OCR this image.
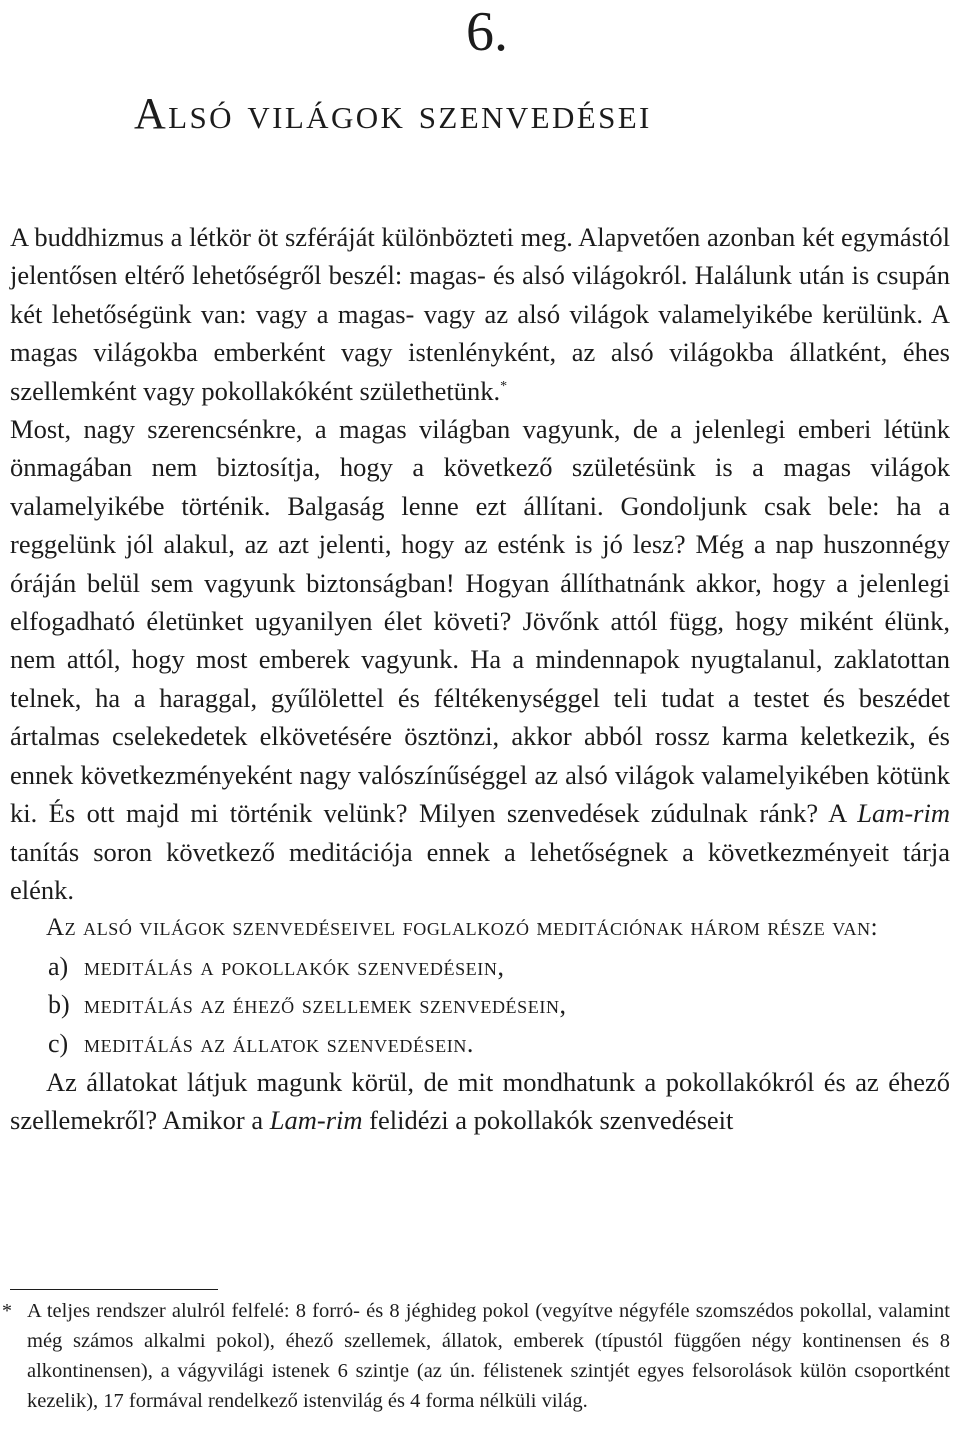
6.
Alsó világok szenvedései

A buddhizmus a létkör öt szféráját különbözteti meg. Alapvetően azonban két egymástól jelentősen eltérő lehetőségről beszél: magas- és alsó világokról. Halálunk után is csupán két lehetőségünk van: vagy a magas- vagy az alsó világok valamelyikébe kerülünk. A magas világokba emberként vagy istenlényként, az alsó világokba állatként, éhes szellemként vagy pokollakóként születhetünk.*

Most, nagy szerencsénkre, a magas világban vagyunk, de a jelenlegi emberi létünk önmagában nem biztosítja, hogy a következő születésünk is a magas világok valamelyikébe történik. Balgaság lenne ezt állítani. Gondoljunk csak bele: ha a reggelünk jól alakul, az azt jelenti, hogy az esténk is jó lesz? Még a nap huszonnégy óráján belül sem vagyunk biztonságban! Hogyan állíthatnánk akkor, hogy a jelenlegi elfogadható életünket ugyanilyen élet követi? Jövőnk attól függ, hogy miként élünk, nem attól, hogy most emberek vagyunk. Ha a mindennapok nyugtalanul, zaklatottan telnek, ha a haraggal, gyűlölettel és féltékenységgel teli tudat a testet és beszédet ártalmas cselekedetek elkövetésére ösztönzi, akkor abból rossz karma keletkezik, és ennek következményeként nagy valószínűséggel az alsó világok valamelyikében kötünk ki. És ott majd mi történik velünk? Milyen szenvedések zúdulnak ránk? A Lam-rim tanítás soron következő meditációja ennek a lehetőségnek a következményeit tárja elénk.

Az alsó világok szenvedéseivel foglalkozó meditációnak három része van:

a) meditálás a pokollakók szenvedésein,
b) meditálás az éhező szellemek szenvedésein,
c) meditálás az állatok szenvedésein.

Az állatokat látjuk magunk körül, de mit mondhatunk a pokollakókról és az éhező szellemekről? Amikor a Lam-rim felidézi a pokollakók szenvedéseit

* A teljes rendszer alulról felfelé: 8 forró- és 8 jéghideg pokol (vegyítve négyféle szomszédos pokollal, valamint még számos alkalmi pokol), éhező szellemek, állatok, emberek (típustól függően négy kontinensen és 8 alkontinensen), a vágyvilági istenek 6 szintje (az ún. félistenek szintjét egyes felsorolások külön csoportként kezelik), 17 formával rendelkező istenvilág és 4 forma nélküli világ.
